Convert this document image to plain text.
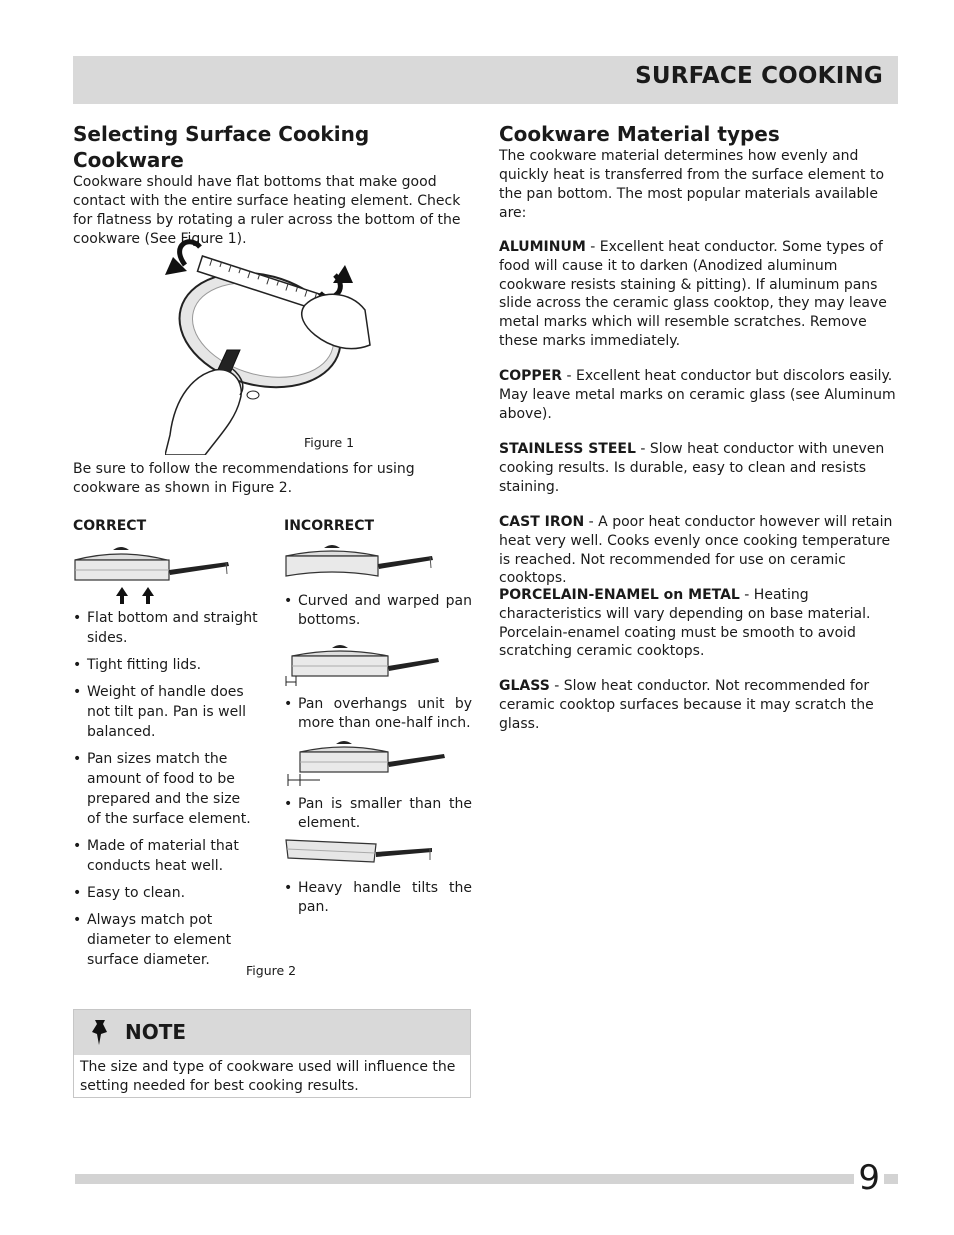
SURFACE COOKING
Selecting Surface Cooking Cookware

Cookware should have flat bottoms that make good contact with the entire surface heating element. Check for flatness by rotating a ruler across the bottom of the cookware (See Figure 1).

Figure 1

Be sure to follow the recommendations for using cookware as shown in Figure 2.

CORRECT	INCORRECT
• Flat bottom and straight sides.
• Tight fitting lids.
• Weight of handle does not tilt pan. Pan is well balanced.
• Pan sizes match the amount of food to be prepared and the size of the surface element.
• Made of material that conducts heat well.
• Easy to clean.
• Always match pot diameter to element surface diameter.
• Curved and warped pan bottoms.
• Pan overhangs unit by more than one-half inch.
• Pan is smaller than the element.
• Heavy handle tilts the pan.
Figure 2
NOTE
The size and type of cookware used will influence the setting needed for best cooking results.
Cookware Material types

The cookware material determines how evenly and quickly heat is transferred from the surface element to the pan bottom. The most popular materials available are:

ALUMINUM - Excellent heat conductor. Some types of food will cause it to darken (Anodized aluminum cookware resists staining & pitting). If aluminum pans slide across the ceramic glass cooktop, they may leave metal marks which will resemble scratches. Remove these marks immediately.
COPPER - Excellent heat conductor but discolors easily. May leave metal marks on ceramic glass (see Aluminum above).
STAINLESS STEEL - Slow heat conductor with uneven cooking results. Is durable, easy to clean and resists staining.
CAST IRON - A poor heat conductor however will retain heat very well. Cooks evenly once cooking temperature is reached. Not recommended for use on ceramic cooktops.
PORCELAIN-ENAMEL on METAL - Heating characteristics will vary depending on base material. Porcelain-enamel coating must be smooth to avoid scratching ceramic cooktops.
GLASS - Slow heat conductor. Not recommended for ceramic cooktop surfaces because it may scratch the glass.
9
